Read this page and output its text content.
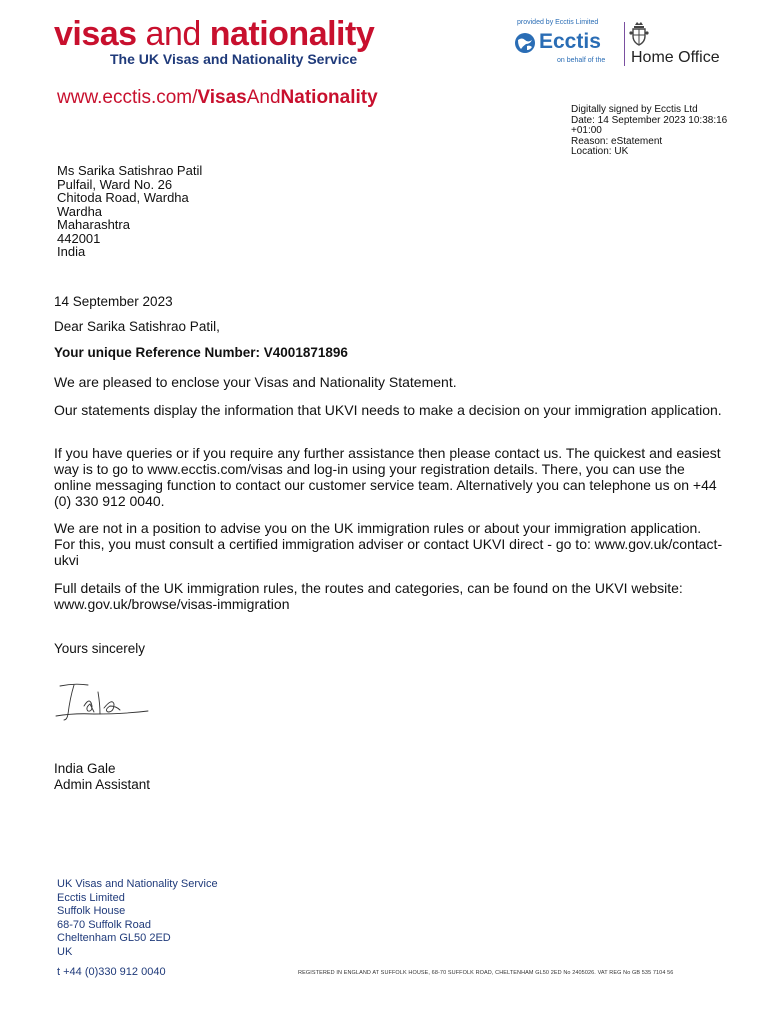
visas and nationality
The UK Visas and Nationality Service
www.ecctis.com/VisasAndNationality
provided by Ecctis Limited
Ecctis
on behalf of the Home Office
Digitally signed by Ecctis Ltd
Date: 14 September 2023 10:38:16
+01:00
Reason: eStatement
Location: UK
Ms Sarika Satishrao Patil
Pulfail, Ward No. 26
Chitoda Road, Wardha
Wardha
Maharashtra
442001
India
14 September 2023
Dear Sarika Satishrao Patil,
Your unique Reference Number: V4001871896

We are pleased to enclose your Visas and Nationality Statement.

Our statements display the information that UKVI needs to make a decision on your immigration application.

If you have queries or if you require any further assistance then please contact us. The quickest and easiest way is to go to www.ecctis.com/visas and log-in using your registration details. There, you can use the online messaging function to contact our customer service team. Alternatively you can telephone us on +44 (0) 330 912 0040.

We are not in a position to advise you on the UK immigration rules or about your immigration application. For this, you must consult a certified immigration adviser or contact UKVI direct - go to: www.gov.uk/contact-ukvi

Full details of the UK immigration rules, the routes and categories, can be found on the UKVI website: www.gov.uk/browse/visas-immigration

Yours sincerely
India Gale
Admin Assistant
UK Visas and Nationality Service
Ecctis Limited
Suffolk House
68-70 Suffolk Road
Cheltenham GL50 2ED
UK
t +44 (0)330 912 0040	REGISTERED IN ENGLAND AT SUFFOLK HOUSE, 68-70 SUFFOLK ROAD, CHELTENHAM GL50 2ED No 2405026. VAT REG No GB 535 7104 56
